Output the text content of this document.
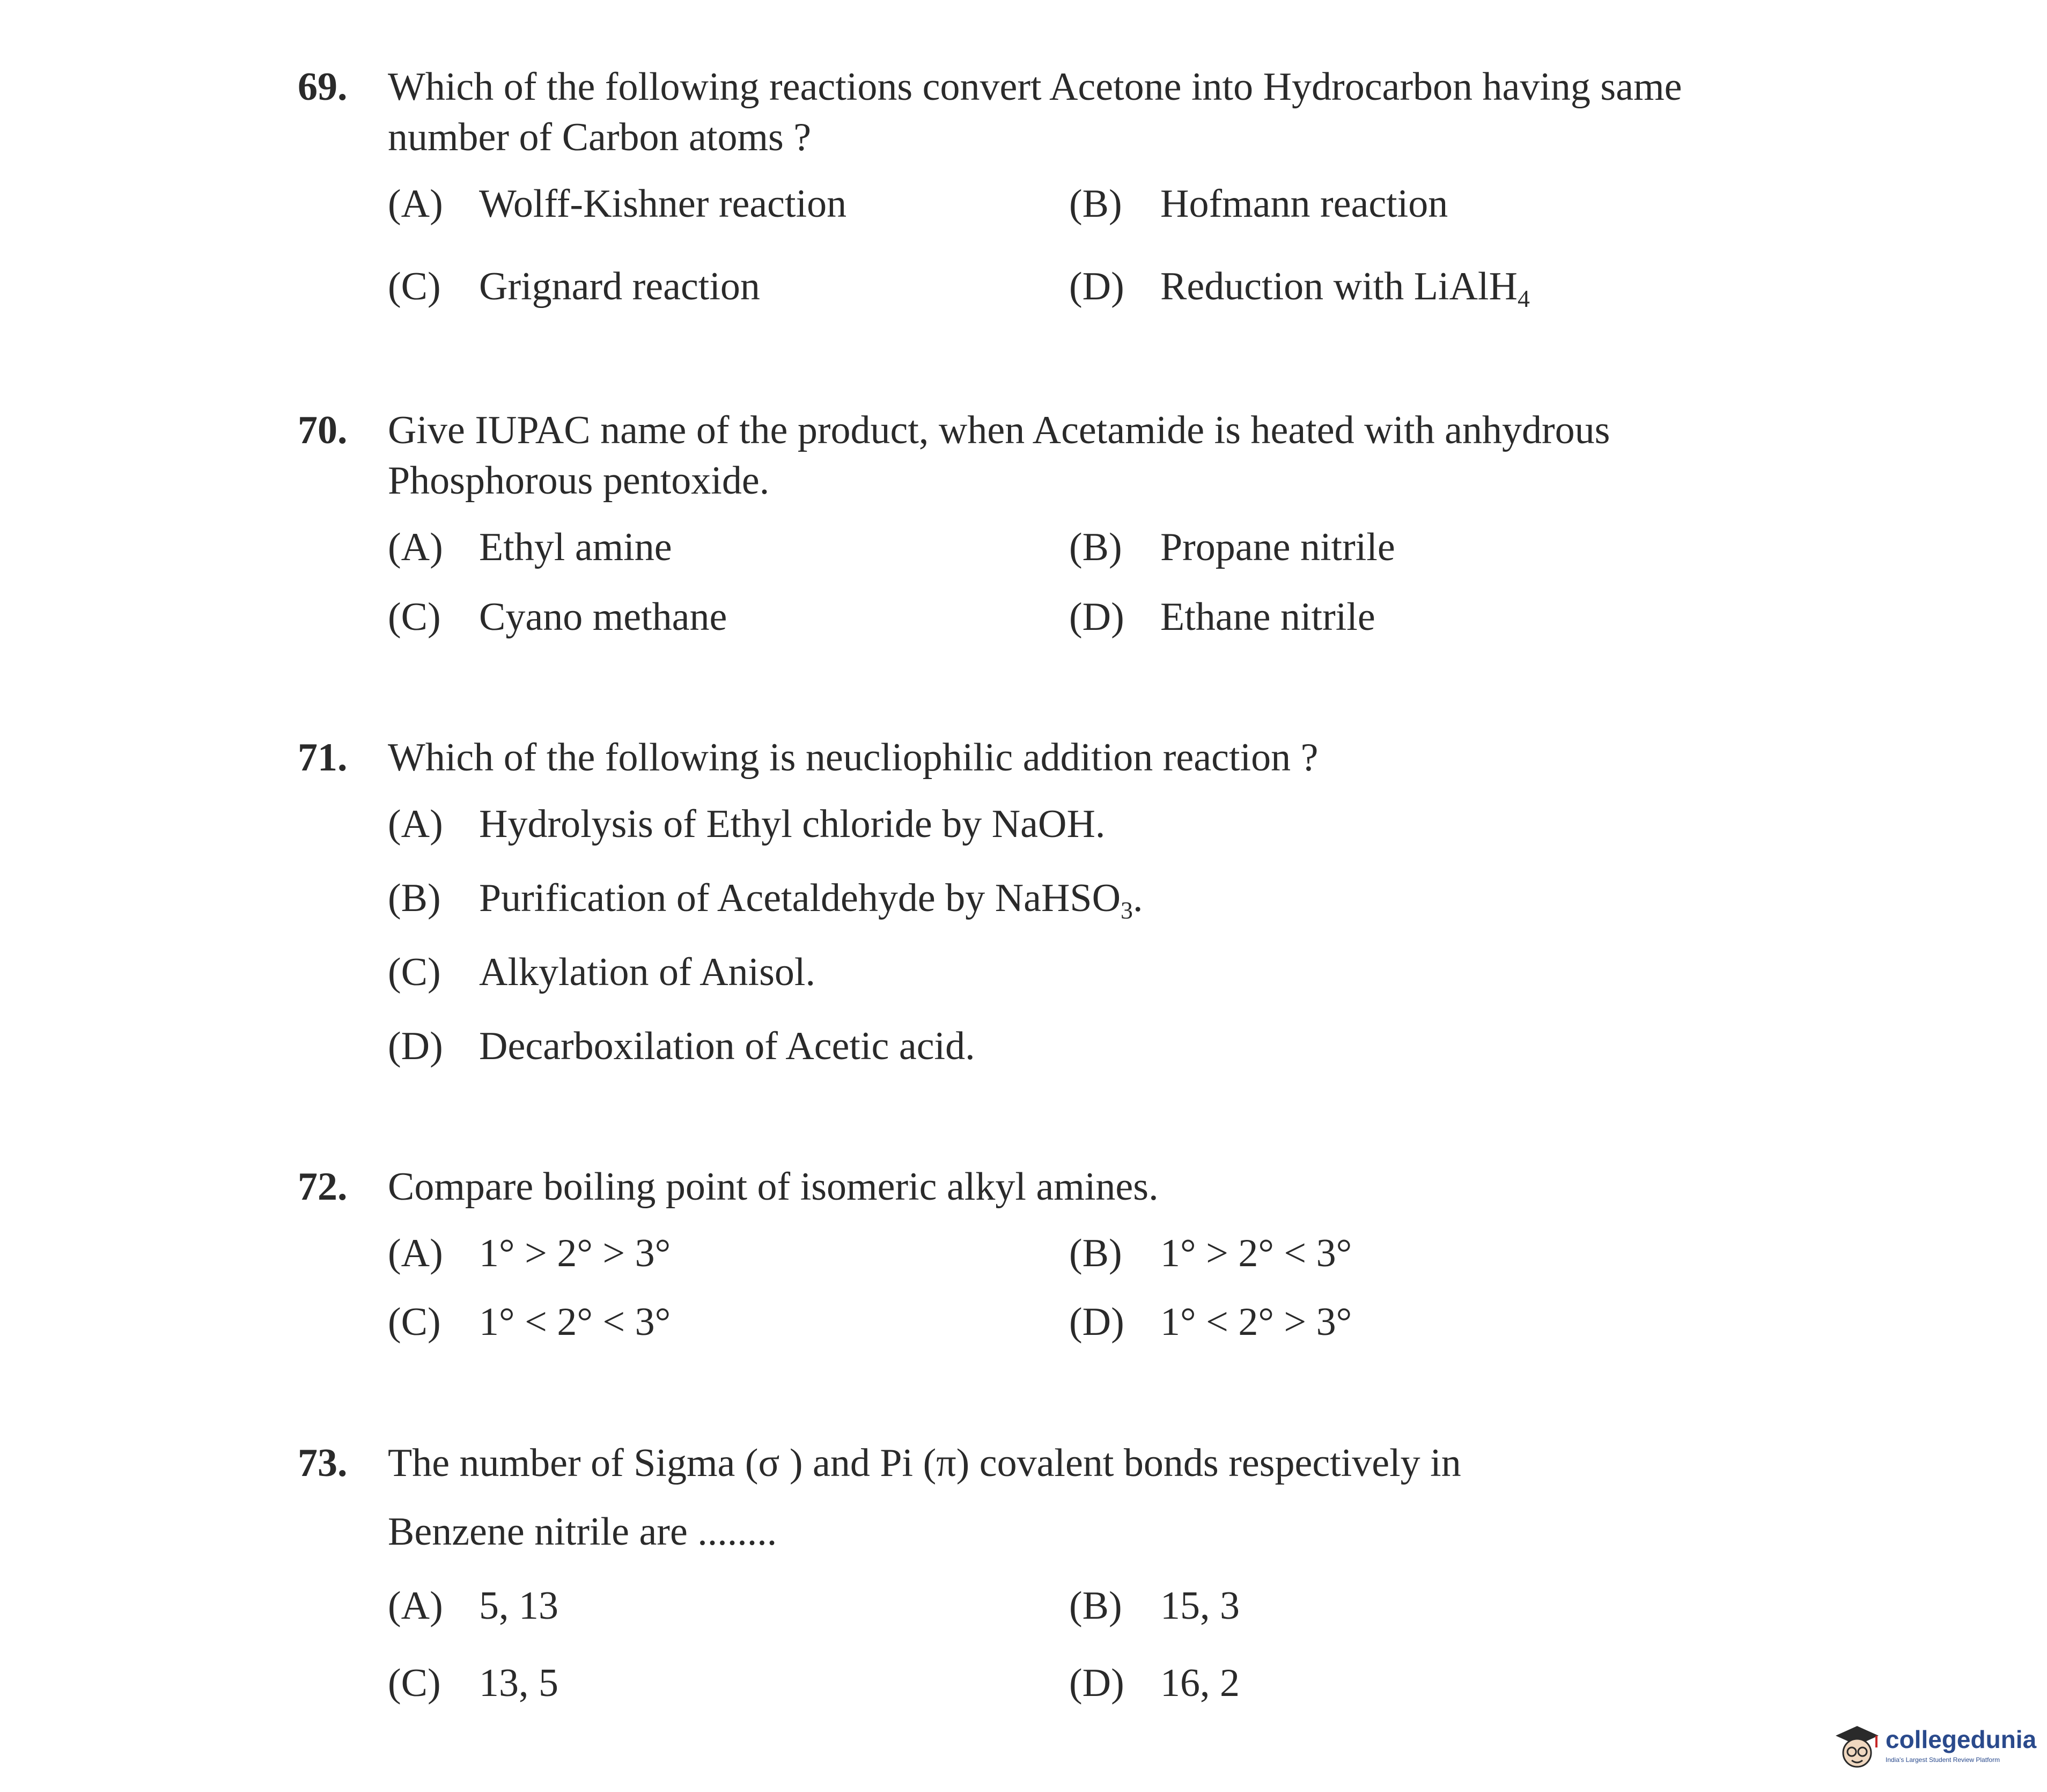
69.	Which of the following reactions convert Acetone into Hydrocarbon having same number of Carbon atoms ?
(A) Wolff-Kishner reaction	(B) Hofmann reaction
(C) Grignard reaction	(D) Reduction with LiAlH$_4$
70.	Give IUPAC name of the product, when Acetamide is heated with anhydrous Phosphorous pentoxide.
(A) Ethyl amine	(B) Propane nitrile
(C) Cyano methane	(D) Ethane nitrile
71.	Which of the following is neucliophilic addition reaction ?
(A) Hydrolysis of Ethyl chloride by NaOH.
(B) Purification of Acetaldehyde by NaHSO$_3$.
(C) Alkylation of Anisol.
(D) Decarboxilation of Acetic acid.
72.	Compare boiling point of isomeric alkyl amines.
(A) 1° > 2° > 3°	(B) 1° > 2° < 3°
(C) 1° < 2° < 3°	(D) 1° < 2° > 3°
73.	The number of Sigma (σ ) and Pi (π) covalent bonds respectively in
Benzene nitrile are ........
(A) 5, 13	(B) 15, 3
(C) 13, 5	(D) 16, 2
collegedunia
India's Largest Student Review Platform
